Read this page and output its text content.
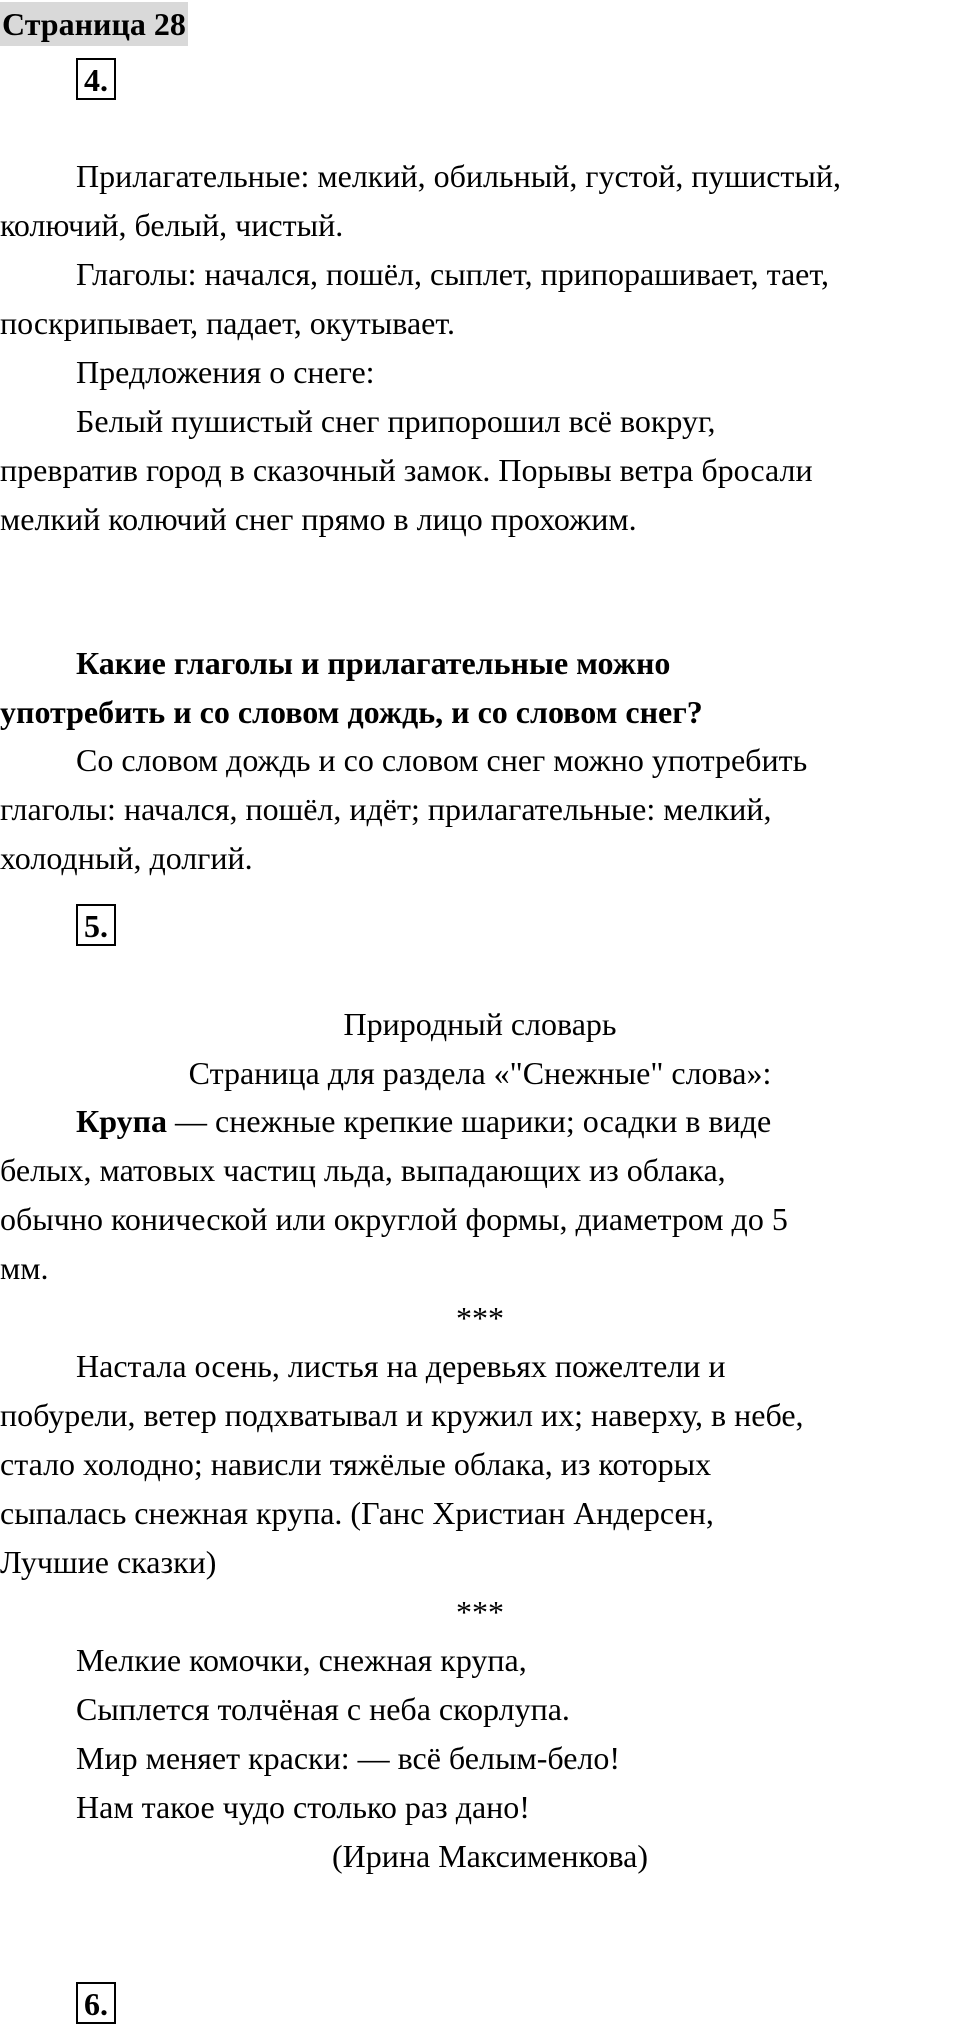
Страница 28
4.
Прилагательные: мелкий, обильный, густой, пушистый,
колючий, белый, чистый.
Глаголы: начался, пошёл, сыплет, припорашивает, тает,
поскрипывает, падает, окутывает.
Предложения о снеге:
Белый пушистый снег припорошил всё вокруг,
превратив город в сказочный замок. Порывы ветра бросали
мелкий колючий снег прямо в лицо прохожим.
Какие глаголы и прилагательные можно
употребить и со словом дождь, и со словом снег?
Со словом дождь и со словом снег можно употребить
глаголы: начался, пошёл, идёт; прилагательные: мелкий,
холодный, долгий.
5.
Природный словарь
Страница для раздела «"Снежные" слова»:
Крупа — снежные крепкие шарики; осадки в виде
белых, матовых частиц льда, выпадающих из облака,
обычно конической или округлой формы, диаметром до 5
мм.
***
Настала осень, листья на деревьях пожелтели и
побурели, ветер подхватывал и кружил их; наверху, в небе,
стало холодно; нависли тяжёлые облака, из которых
сыпалась снежная крупа. (Ганс Христиан Андерсен,
Лучшие сказки)
***
Мелкие комочки, снежная крупа,
Сыплется толчёная с неба скорлупа.
Мир меняет краски: — всё белым-бело!
Нам такое чудо столько раз дано!
(Ирина Максименкова)
6.
